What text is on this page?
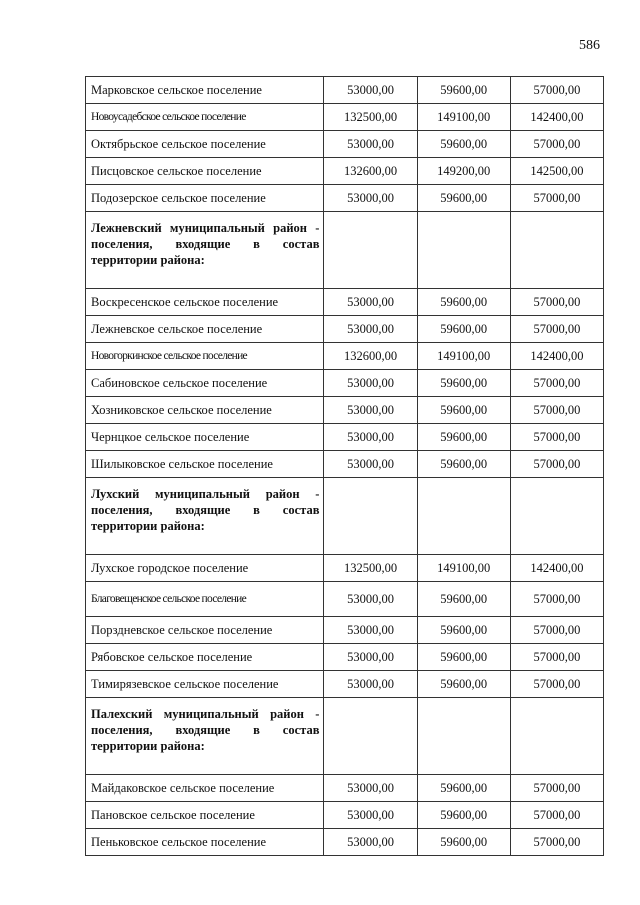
586
Марковское сельское поселение	53000,00	59600,00	57000,00
Новоусадебское сельское поселение	132500,00	149100,00	142400,00
Октябрьское сельское поселение	53000,00	59600,00	57000,00
Писцовское сельское поселение	132600,00	149200,00	142500,00
Подозерское сельское поселение	53000,00	59600,00	57000,00
Лежневский муниципальный район - поселения, входящие в состав территории района:			
Воскресенское сельское поселение	53000,00	59600,00	57000,00
Лежневское сельское поселение	53000,00	59600,00	57000,00
Новогоркинское сельское поселение	132600,00	149100,00	142400,00
Сабиновское сельское поселение	53000,00	59600,00	57000,00
Хозниковское сельское поселение	53000,00	59600,00	57000,00
Чернцкое сельское поселение	53000,00	59600,00	57000,00
Шилыковское сельское поселение	53000,00	59600,00	57000,00
Лухский муниципальный район - поселения, входящие в состав территории района:			
Лухское городское поселение	132500,00	149100,00	142400,00
Благовещенское сельское поселение	53000,00	59600,00	57000,00
Порздневское сельское поселение	53000,00	59600,00	57000,00
Рябовское сельское поселение	53000,00	59600,00	57000,00
Тимирязевское сельское поселение	53000,00	59600,00	57000,00
Палехский муниципальный район - поселения, входящие в состав территории района:			
Майдаковское сельское поселение	53000,00	59600,00	57000,00
Пановское сельское поселение	53000,00	59600,00	57000,00
Пеньковское сельское поселение	53000,00	59600,00	57000,00
